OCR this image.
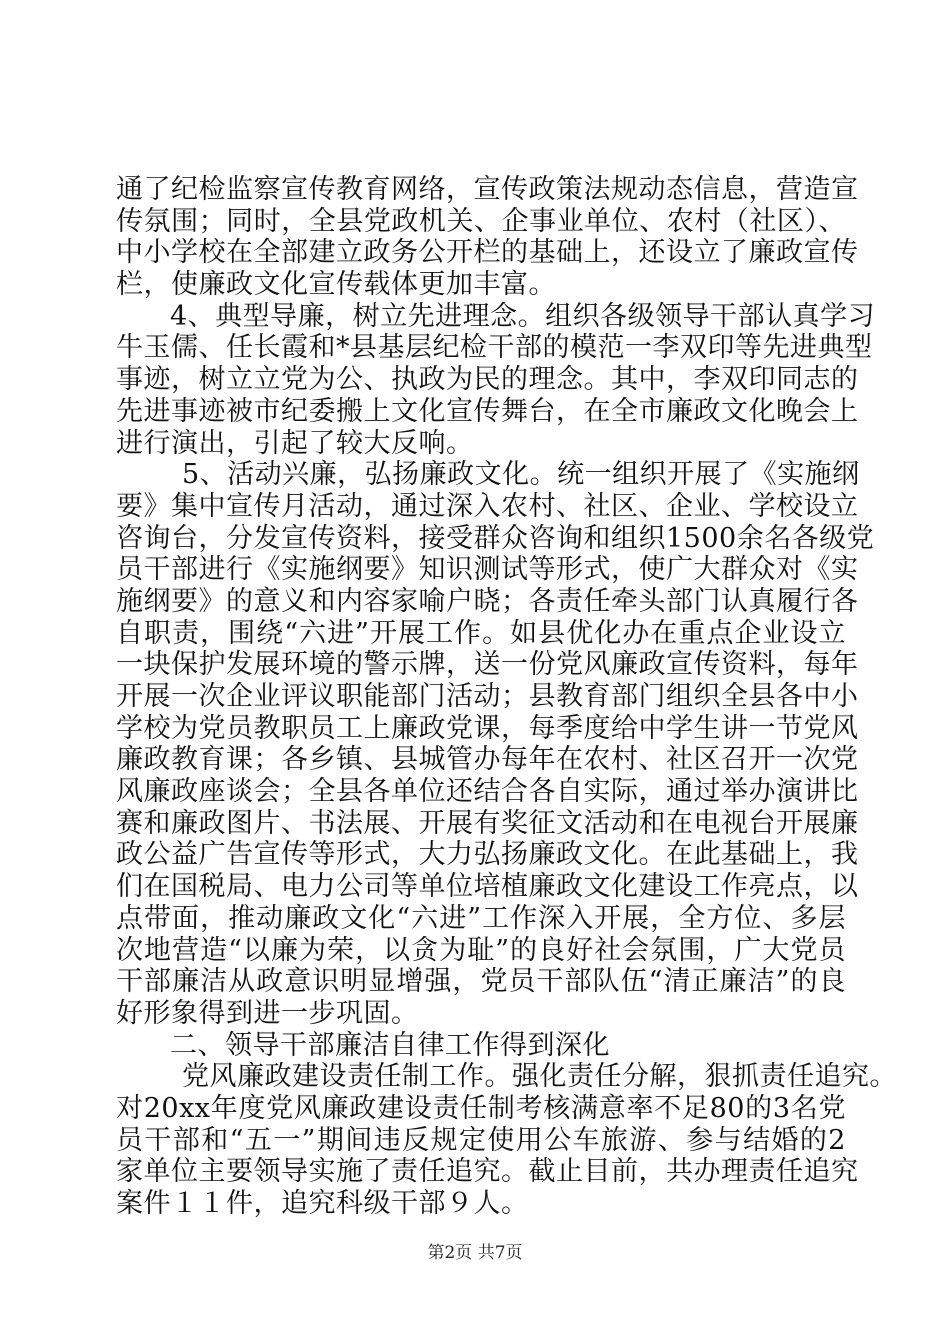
通了纪检监察宣传教育网络，宣传政策法规动态信息，营造宣
传氛围；同时，全县党政机关、企事业单位、农村（社区）、
中小学校在全部建立政务公开栏的基础上，还设立了廉政宣传
栏，使廉政文化宣传载体更加丰富。
4、典型导廉，树立先进理念。组织各级领导干部认真学习
牛玉儒、任长霞和*县基层纪检干部的模范一李双印等先进典型
事迹，树立立党为公、执政为民的理念。其中，李双印同志的
先进事迹被市纪委搬上文化宣传舞台，在全市廉政文化晚会上
进行演出，引起了较大反响。
5、活动兴廉，弘扬廉政文化。统一组织开展了《实施纲
要》集中宣传月活动，通过深入农村、社区、企业、学校设立
咨询台，分发宣传资料，接受群众咨询和组织1500余名各级党
员干部进行《实施纲要》知识测试等形式，使广大群众对《实
施纲要》的意义和内容家喻户晓；各责任牵头部门认真履行各
自职责，围绕“六进”开展工作。如县优化办在重点企业设立
一块保护发展环境的警示牌，送一份党风廉政宣传资料，每年
开展一次企业评议职能部门活动；县教育部门组织全县各中小
学校为党员教职员工上廉政党课，每季度给中学生讲一节党风
廉政教育课；各乡镇、县城管办每年在农村、社区召开一次党
风廉政座谈会；全县各单位还结合各自实际，通过举办演讲比
赛和廉政图片、书法展、开展有奖征文活动和在电视台开展廉
政公益广告宣传等形式，大力弘扬廉政文化。在此基础上，我
们在国税局、电力公司等单位培植廉政文化建设工作亮点，以
点带面，推动廉政文化“六进”工作深入开展，全方位、多层
次地营造“以廉为荣，以贪为耻”的良好社会氛围，广大党员
干部廉洁从政意识明显增强，党员干部队伍“清正廉洁”的良
好形象得到进一步巩固。
二、领导干部廉洁自律工作得到深化
党风廉政建设责任制工作。强化责任分解，狠抓责任追究。
对20xx年度党风廉政建设责任制考核满意率不足80的3名党
员干部和“五一”期间违反规定使用公车旅游、参与结婚的2
家单位主要领导实施了责任追究。截止目前，共办理责任追究
案件１１件，追究科级干部９人。
第2页 共7页
